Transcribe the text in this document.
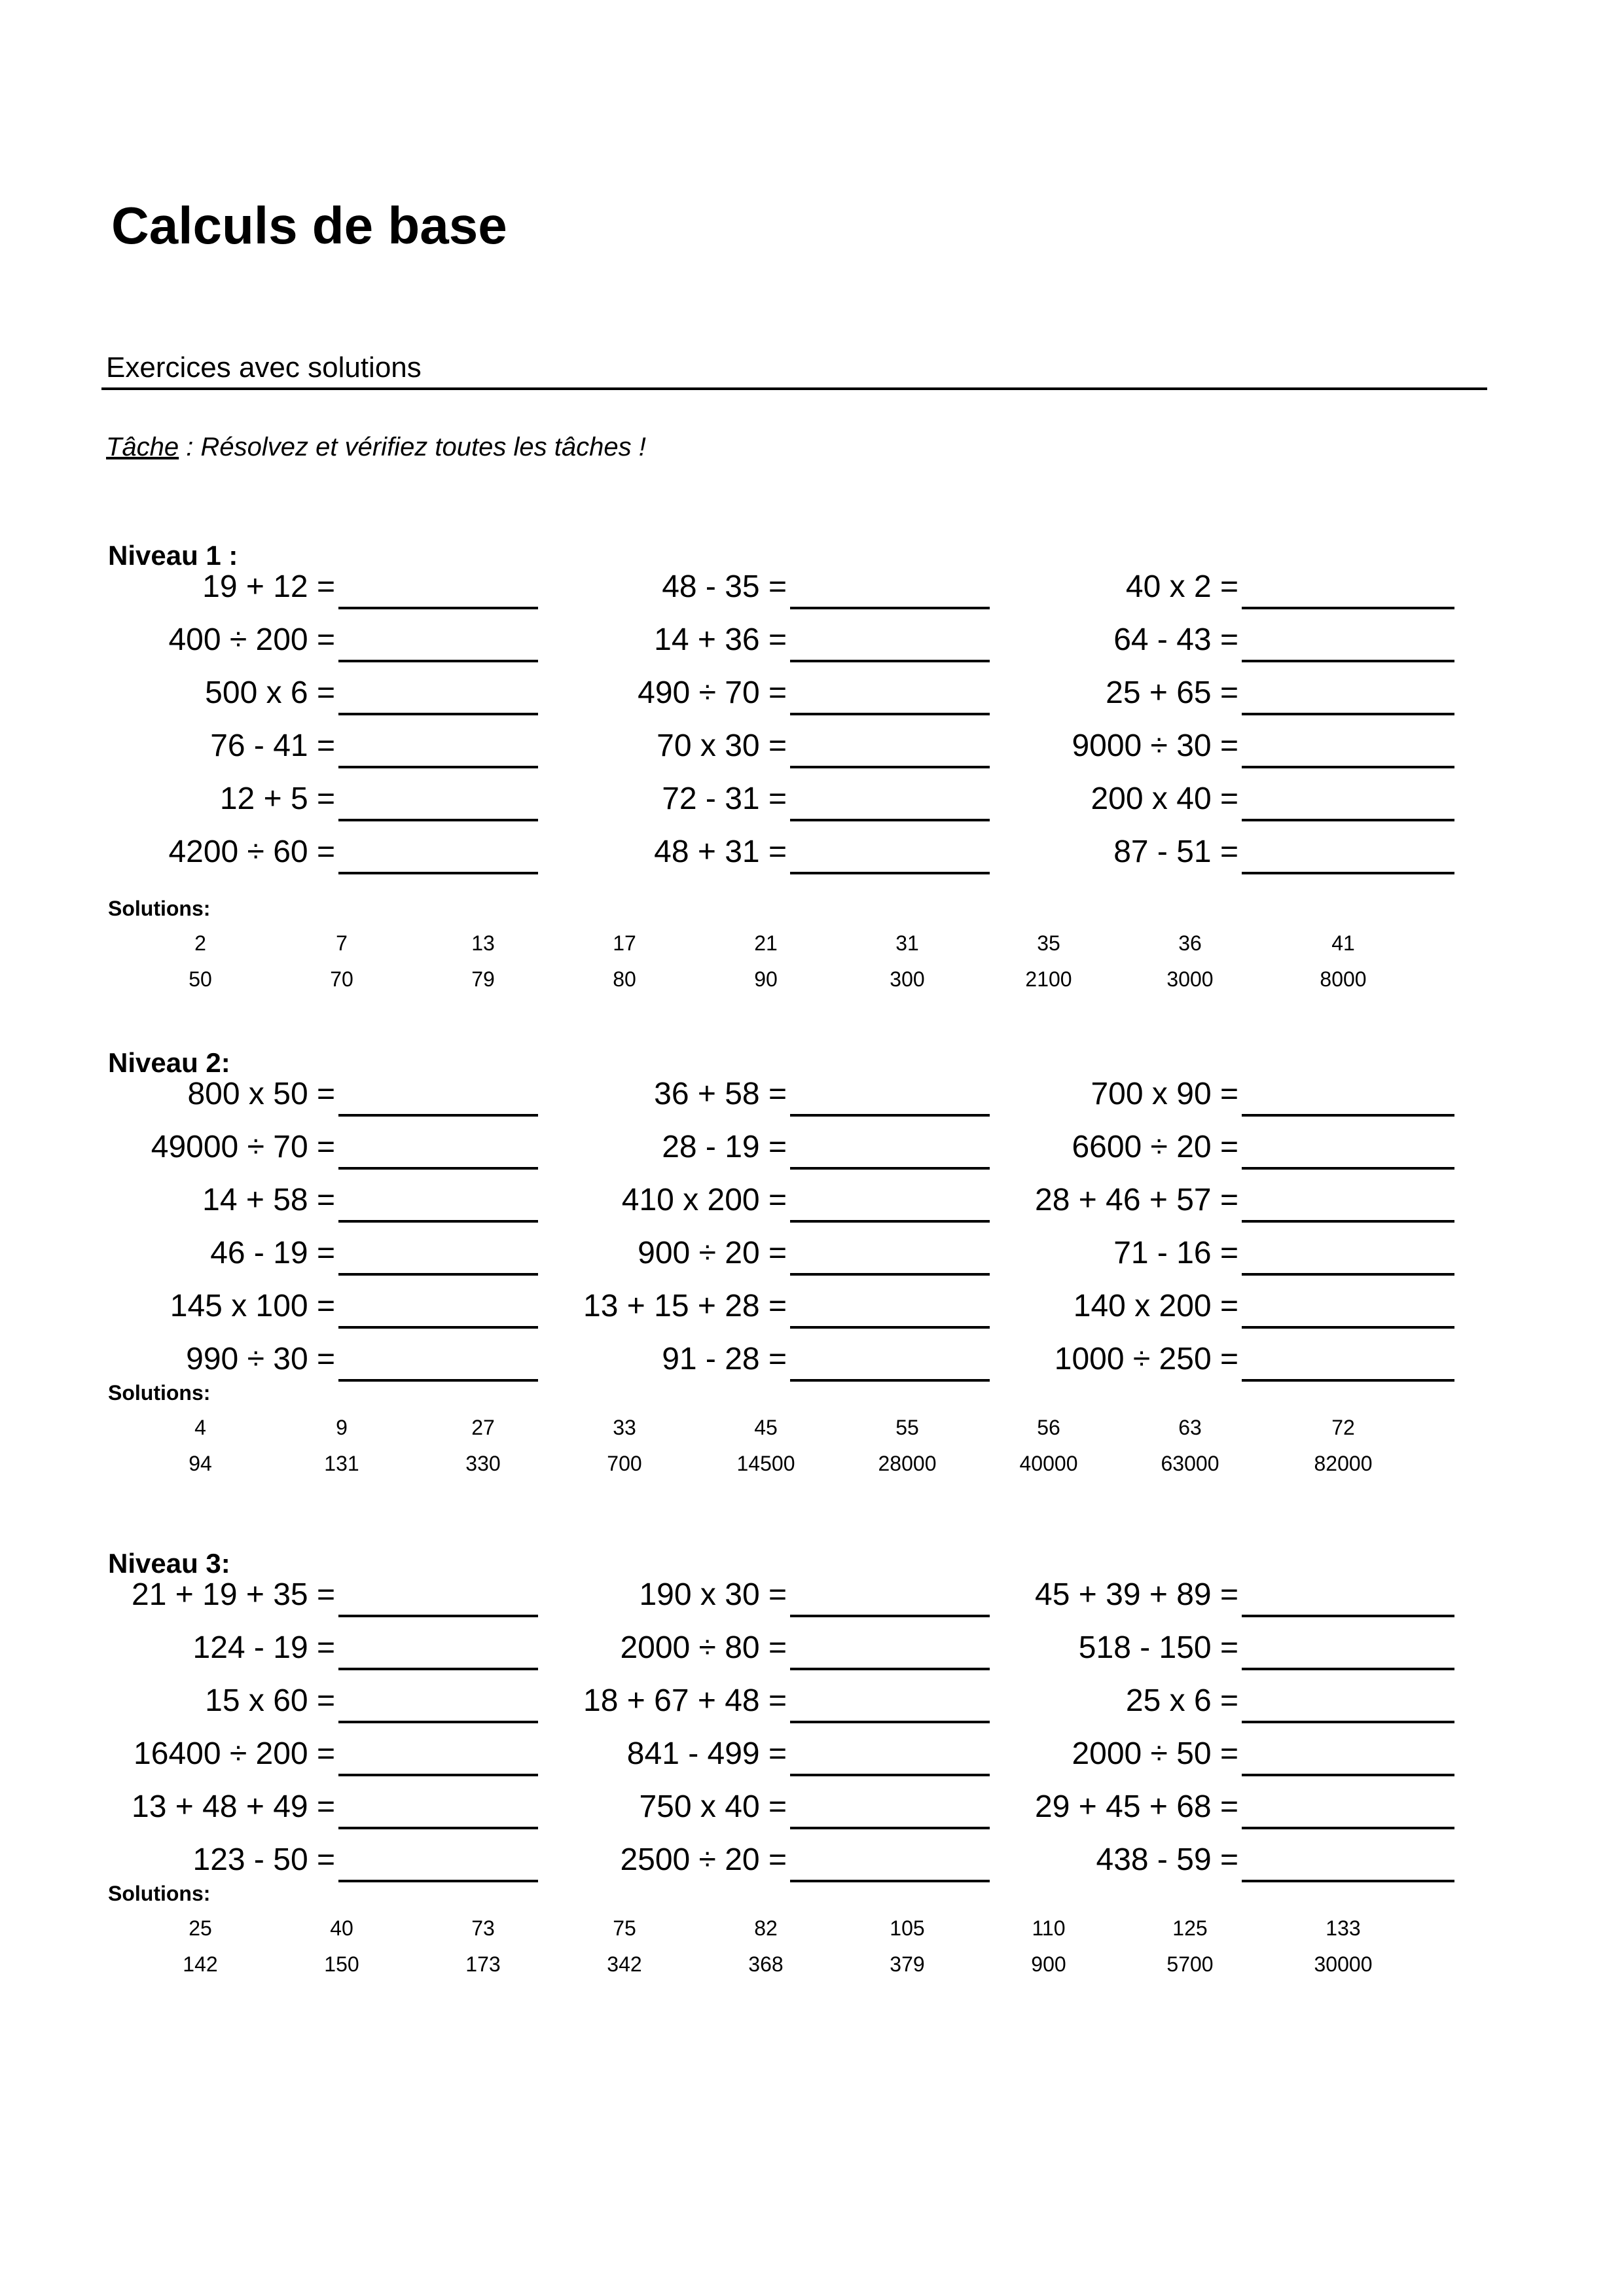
Calculs de base
Exercices avec solutions
Tâche : Résolvez et vérifiez toutes les tâches !
Niveau 1 :
19 + 12 =	48 - 35 =	40 x 2 =
400 ÷ 200 =	14 + 36 =	64 - 43 =
500 x 6 =	490 ÷ 70 =	25 + 65 =
76 - 41 =	70 x 30 =	9000 ÷ 30 =
12 + 5 =	72 - 31 =	200 x 40 =
4200 ÷ 60 =	48 + 31 =	87 - 51 =
Solutions:
2	7	13	17	21	31	35	36	41
50	70	79	80	90	300	2100	3000	8000
Niveau 2:
800 x 50 =	36 + 58 =	700 x 90 =
49000 ÷ 70 =	28 - 19 =	6600 ÷ 20 =
14 + 58 =	410 x 200 =	28 + 46 + 57 =
46 - 19 =	900 ÷ 20 =	71 - 16 =
145 x 100 =	13 + 15 + 28 =	140 x 200 =
990 ÷ 30 =	91 - 28 =	1000 ÷ 250 =
Solutions:
4	9	27	33	45	55	56	63	72
94	131	330	700	14500	28000	40000	63000	82000
Niveau 3:
21 + 19 + 35 =	190 x 30 =	45 + 39 + 89 =
124 - 19 =	2000 ÷ 80 =	518 - 150 =
15 x 60 =	18 + 67 + 48 =	25 x 6 =
16400 ÷ 200 =	841 - 499 =	2000 ÷ 50 =
13 + 48 + 49 =	750 x 40 =	29 + 45 + 68 =
123 - 50 =	2500 ÷ 20 =	438 - 59 =
Solutions:
25	40	73	75	82	105	110	125	133
142	150	173	342	368	379	900	5700	30000
